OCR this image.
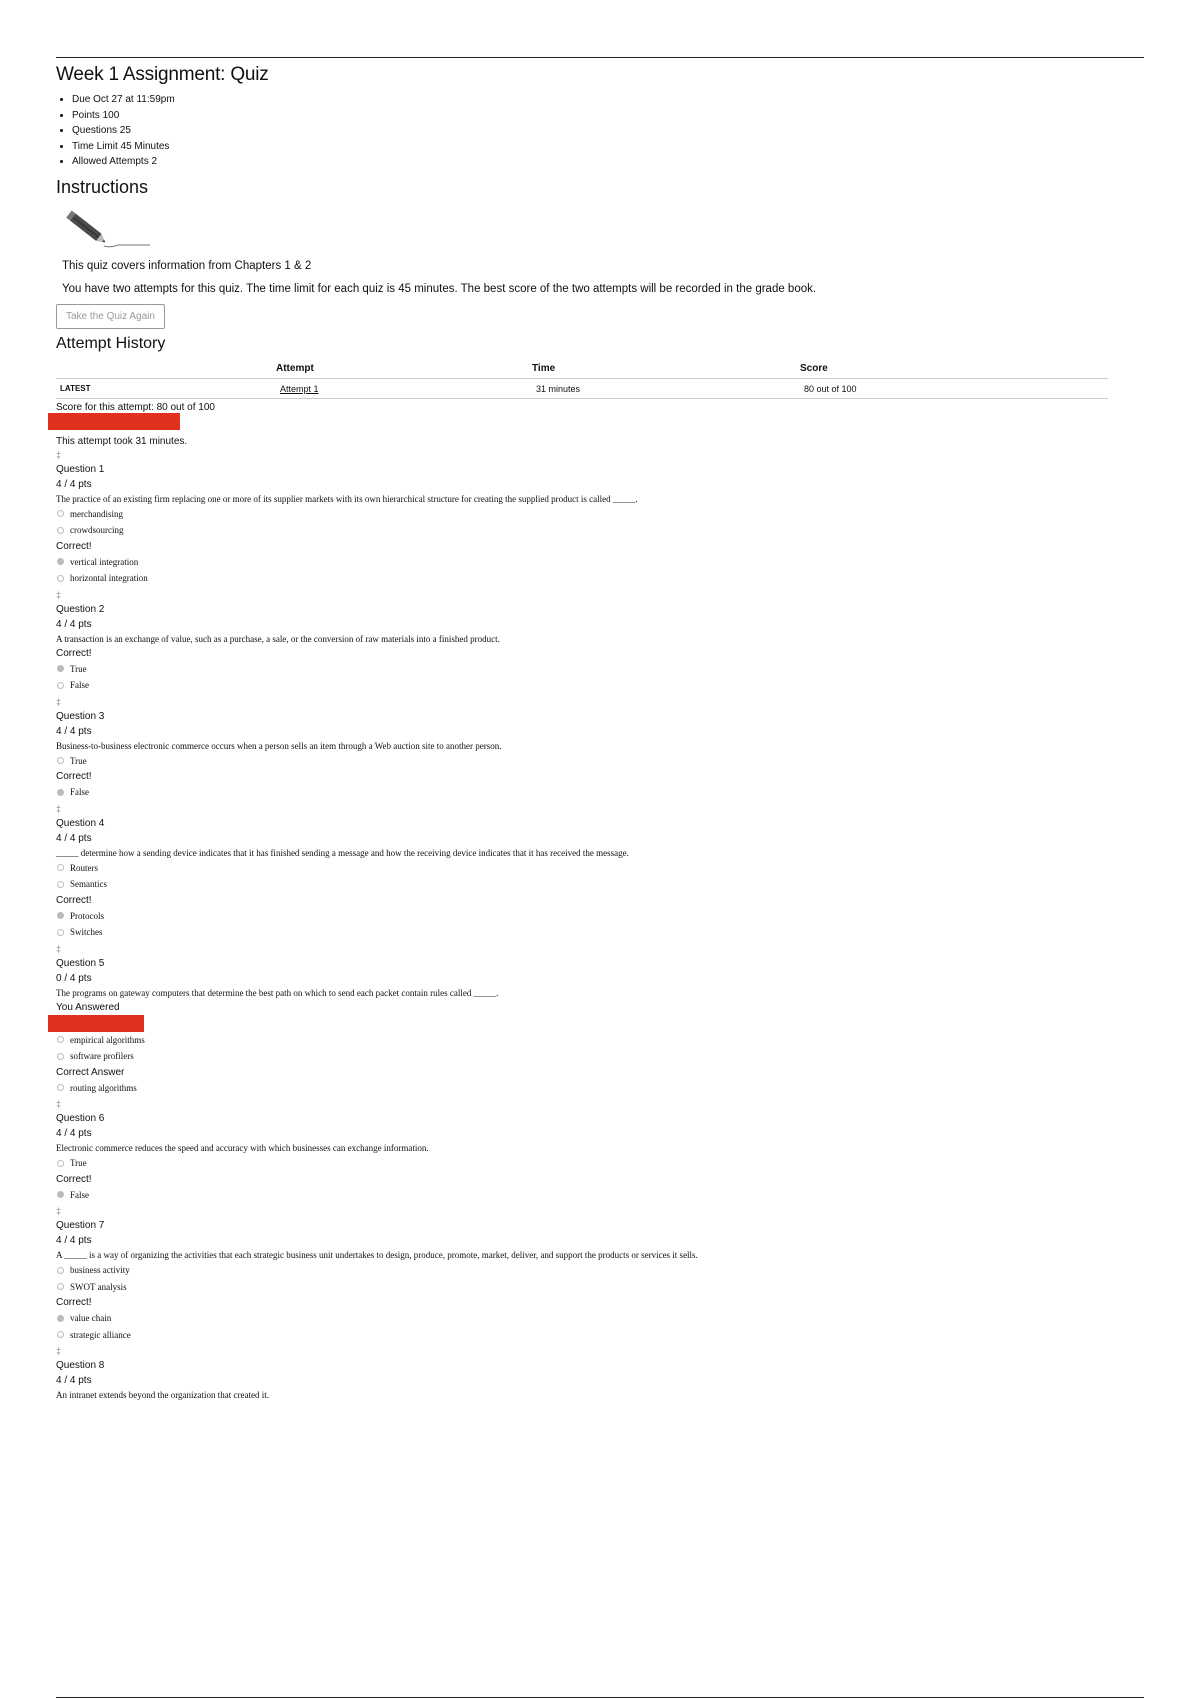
Week 1 Assignment: Quiz
• Due Oct 27 at 11:59pm
• Points 100
• Questions 25
• Time Limit 45 Minutes
• Allowed Attempts 2
Instructions

This quiz covers information from Chapters 1 & 2

You have two attempts for this quiz. The time limit for each quiz is 45 minutes. The best score of the two attempts will be recorded in the grade book.

Take the Quiz Again
Attempt History
	Attempt	Time	Score
LATEST	Attempt 1	31 minutes	80 out of 100
Score for this attempt: 80 out of 100
This attempt took 31 minutes.
‡
Question 1
4 / 4 pts
The practice of an existing firm replacing one or more of its supplier markets with its own hierarchical structure for creating the supplied product is called _____.
merchandising
crowdsourcing
Correct!
vertical integration
horizontal integration
‡
Question 2
4 / 4 pts
A transaction is an exchange of value, such as a purchase, a sale, or the conversion of raw materials into a finished product.
Correct!
True
False
‡
Question 3
4 / 4 pts
Business-to-business electronic commerce occurs when a person sells an item through a Web auction site to another person.
True
Correct!
False
‡
Question 4
4 / 4 pts
_____ determine how a sending device indicates that it has finished sending a message and how the receiving device indicates that it has received the message.
Routers
Semantics
Correct!
Protocols
Switches
‡
Question 5
0 / 4 pts
The programs on gateway computers that determine the best path on which to send each packet contain rules called _____.
You Answered
empirical algorithms
software profilers
Correct Answer
routing algorithms
‡
Question 6
4 / 4 pts
Electronic commerce reduces the speed and accuracy with which businesses can exchange information.
True
Correct!
False
‡
Question 7
4 / 4 pts
A _____ is a way of organizing the activities that each strategic business unit undertakes to design, produce, promote, market, deliver, and support the products or services it sells.
business activity
SWOT analysis
Correct!
value chain
strategic alliance
‡
Question 8
4 / 4 pts
An intranet extends beyond the organization that created it.
